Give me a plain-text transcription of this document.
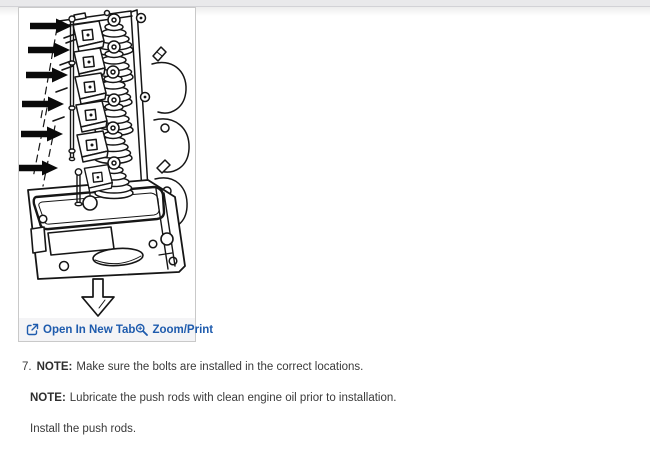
Open In New Tab Zoom/Print
7. NOTE: Make sure the bolts are installed in the correct locations.
NOTE: Lubricate the push rods with clean engine oil prior to installation.
Install the push rods.
